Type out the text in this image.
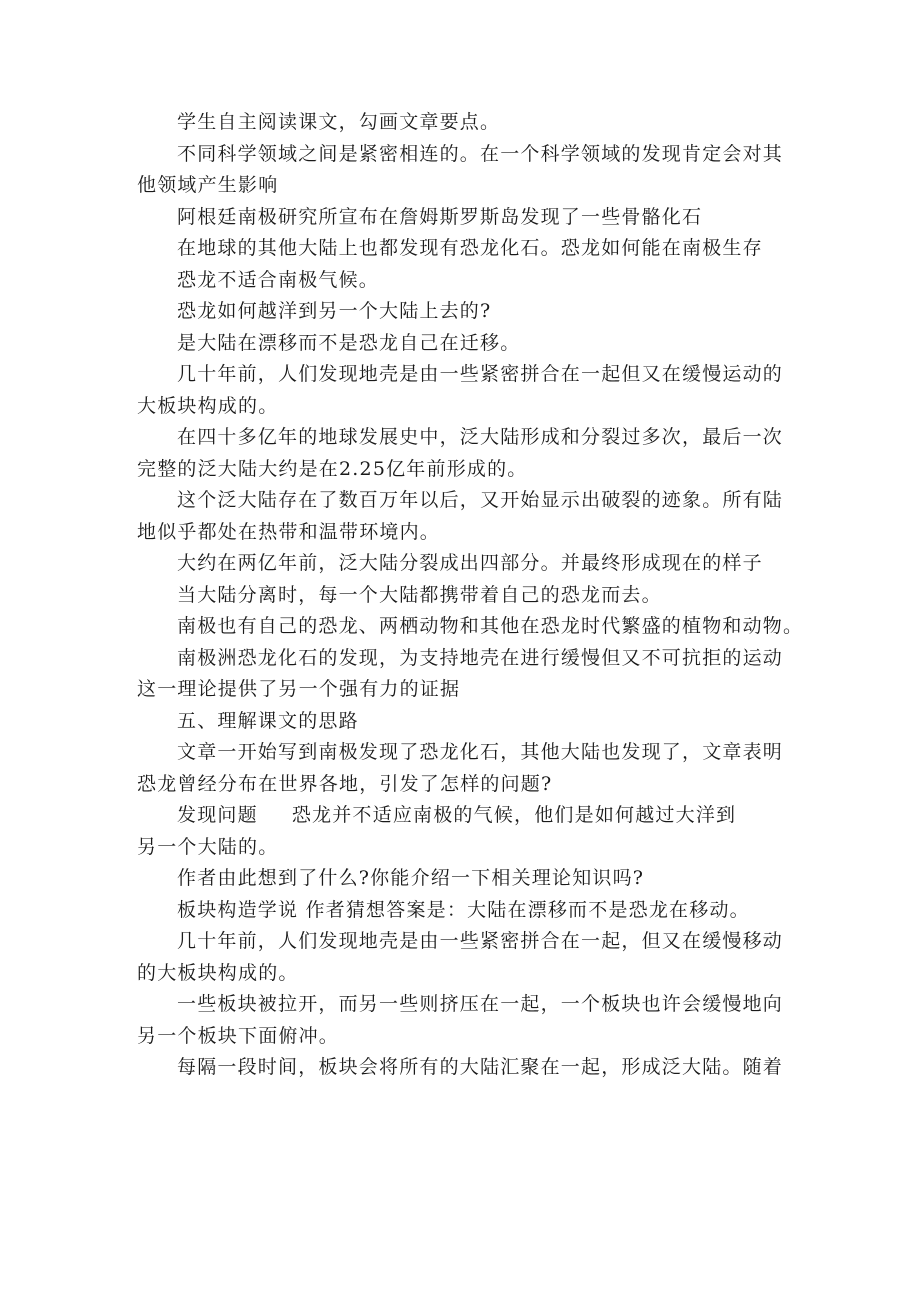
学生自主阅读课文，勾画文章要点。
不同科学领域之间是紧密相连的。在一个科学领域的发现肯定会对其
他领域产生影响
阿根廷南极研究所宣布在詹姆斯罗斯岛发现了一些骨骼化石
在地球的其他大陆上也都发现有恐龙化石。恐龙如何能在南极生存
恐龙不适合南极气候。
恐龙如何越洋到另一个大陆上去的?
是大陆在漂移而不是恐龙自己在迁移。
几十年前，人们发现地壳是由一些紧密拼合在一起但又在缓慢运动的
大板块构成的。
在四十多亿年的地球发展史中，泛大陆形成和分裂过多次，最后一次
完整的泛大陆大约是在2.25亿年前形成的。
这个泛大陆存在了数百万年以后，又开始显示出破裂的迹象。所有陆
地似乎都处在热带和温带环境内。
大约在两亿年前，泛大陆分裂成出四部分。并最终形成现在的样子
当大陆分离时，每一个大陆都携带着自己的恐龙而去。
南极也有自己的恐龙、两栖动物和其他在恐龙时代繁盛的植物和动物。
南极洲恐龙化石的发现，为支持地壳在进行缓慢但又不可抗拒的运动
这一理论提供了另一个强有力的证据
五、理解课文的思路
文章一开始写到南极发现了恐龙化石，其他大陆也发现了，文章表明
恐龙曾经分布在世界各地，引发了怎样的问题?
发现问题 恐龙并不适应南极的气候，他们是如何越过大洋到
另一个大陆的。
作者由此想到了什么?你能介绍一下相关理论知识吗?
板块构造学说 作者猜想答案是：大陆在漂移而不是恐龙在移动。
几十年前，人们发现地壳是由一些紧密拼合在一起，但又在缓慢移动
的大板块构成的。
一些板块被拉开，而另一些则挤压在一起，一个板块也许会缓慢地向
另一个板块下面俯冲。
每隔一段时间，板块会将所有的大陆汇聚在一起，形成泛大陆。随着
